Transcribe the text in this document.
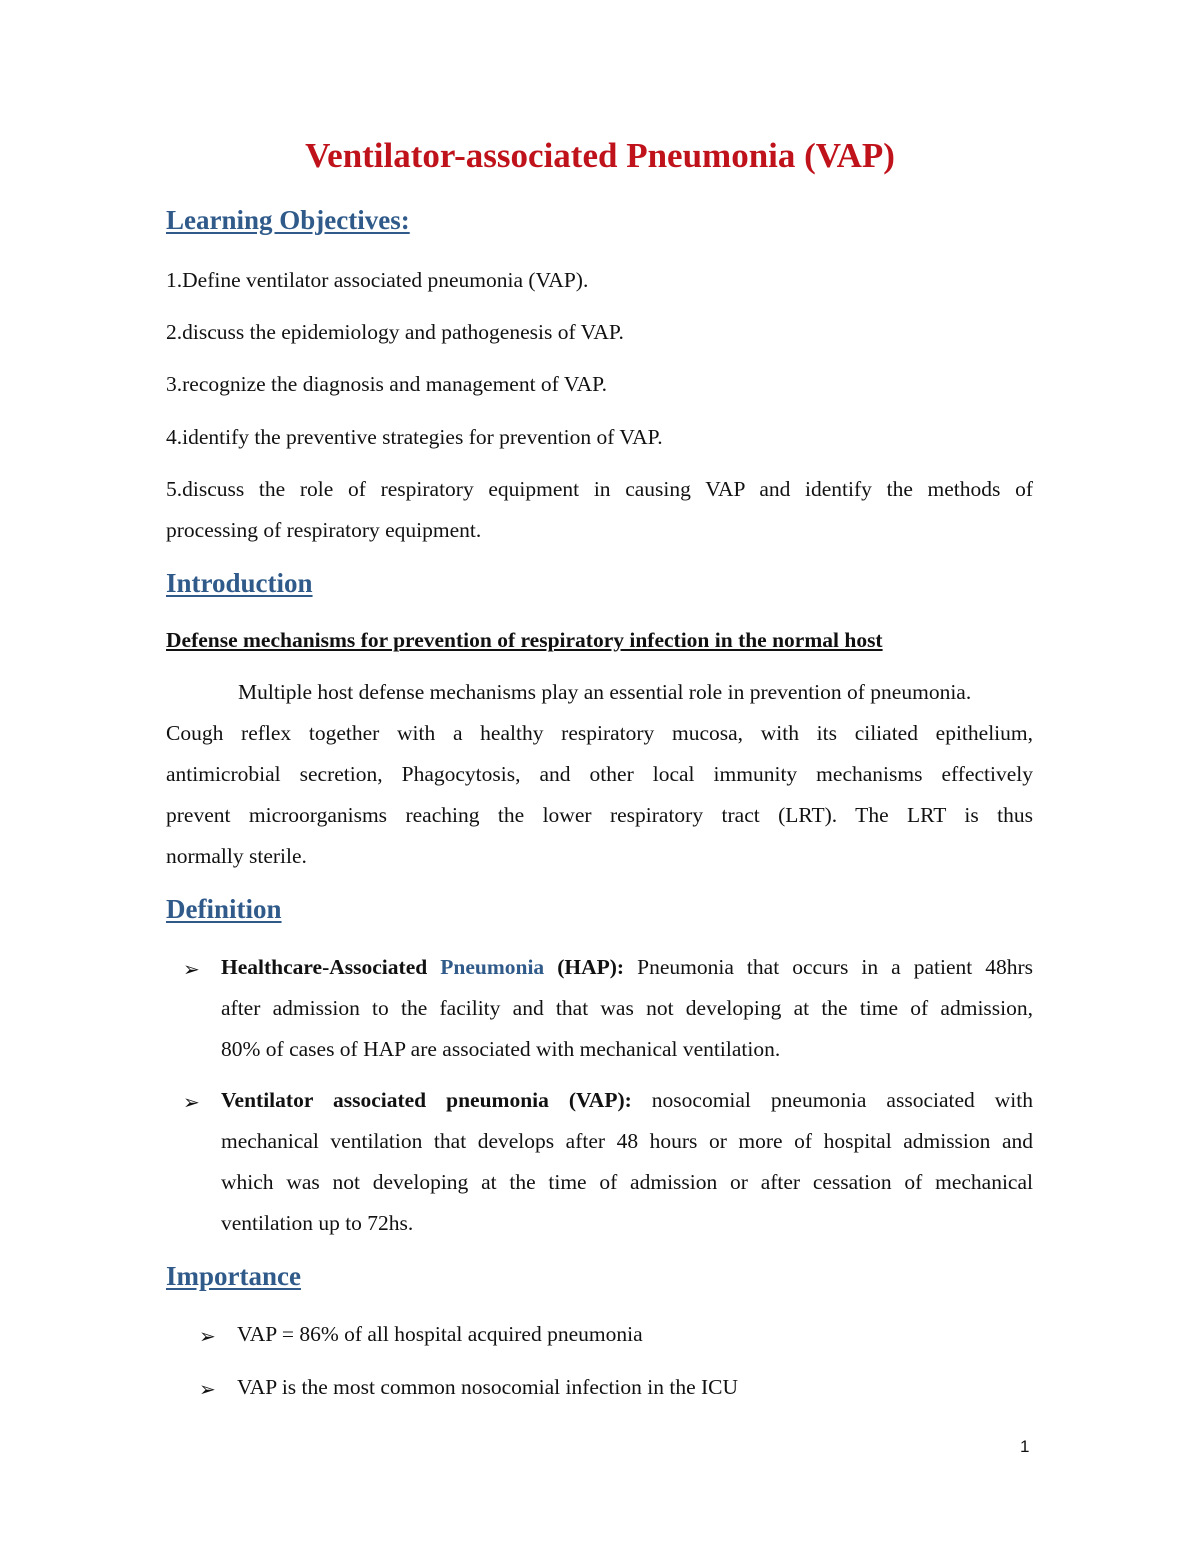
Ventilator-associated Pneumonia (VAP)
Learning Objectives:

1.Define ventilator associated pneumonia (VAP).

2.discuss the epidemiology and pathogenesis of VAP.

3.recognize the diagnosis and management of VAP.

4.identify the preventive strategies for prevention of VAP.

5.discuss the role of respiratory equipment in causing VAP and identify the methods of

processing of respiratory equipment.

Introduction

Defense mechanisms for prevention of respiratory infection in the normal host

Multiple host defense mechanisms play an essential role in prevention of pneumonia.

Cough reflex together with a healthy respiratory mucosa, with its ciliated epithelium,

antimicrobial secretion, Phagocytosis, and other local immunity mechanisms effectively

prevent microorganisms reaching the lower respiratory tract (LRT). The LRT is thus

normally sterile.

Definition
➢ Healthcare-Associated Pneumonia (HAP): Pneumonia that occurs in a patient 48hrs

after admission to the facility and that was not developing at the time of admission,

80% of cases of HAP are associated with mechanical ventilation.

➢ Ventilator associated pneumonia (VAP): nosocomial pneumonia associated with

mechanical ventilation that develops after 48 hours or more of hospital admission and

which was not developing at the time of admission or after cessation of mechanical

ventilation up to 72hs.

Importance
➢ VAP = 86% of all hospital acquired pneumonia

➢ VAP is the most common nosocomial infection in the ICU

1
